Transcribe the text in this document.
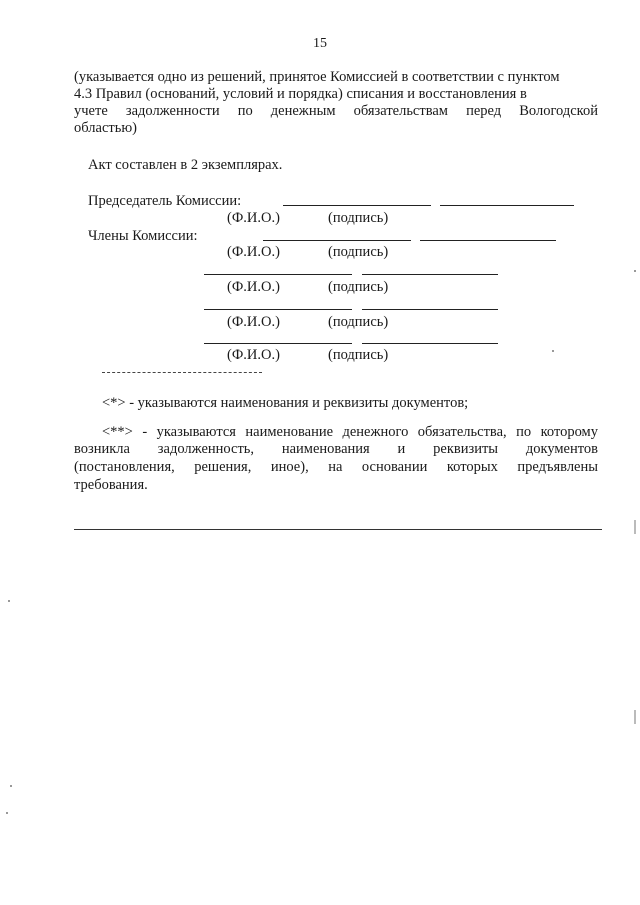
15
(указывается одно из решений, принятое Комиссией в соответствии с пунктом
4.3 Правил (оснований, условий и порядка) списания и восстановления в
учете задолженности по денежным обязательствам перед Вологодской
областью)
Акт составлен в 2 экземплярах.
Председатель Комиссии:
(Ф.И.О.)	(подпись)
Члены Комиссии:
(Ф.И.О.)	(подпись)
(Ф.И.О.)	(подпись)
(Ф.И.О.)	(подпись)
(Ф.И.О.)	(подпись)
<*> - указываются наименования и реквизиты документов;
<**> - указываются наименование денежного обязательства, по которому
возникла задолженность, наименования и реквизиты документов
(постановления, решения, иное), на основании которых предъявлены
требования.
